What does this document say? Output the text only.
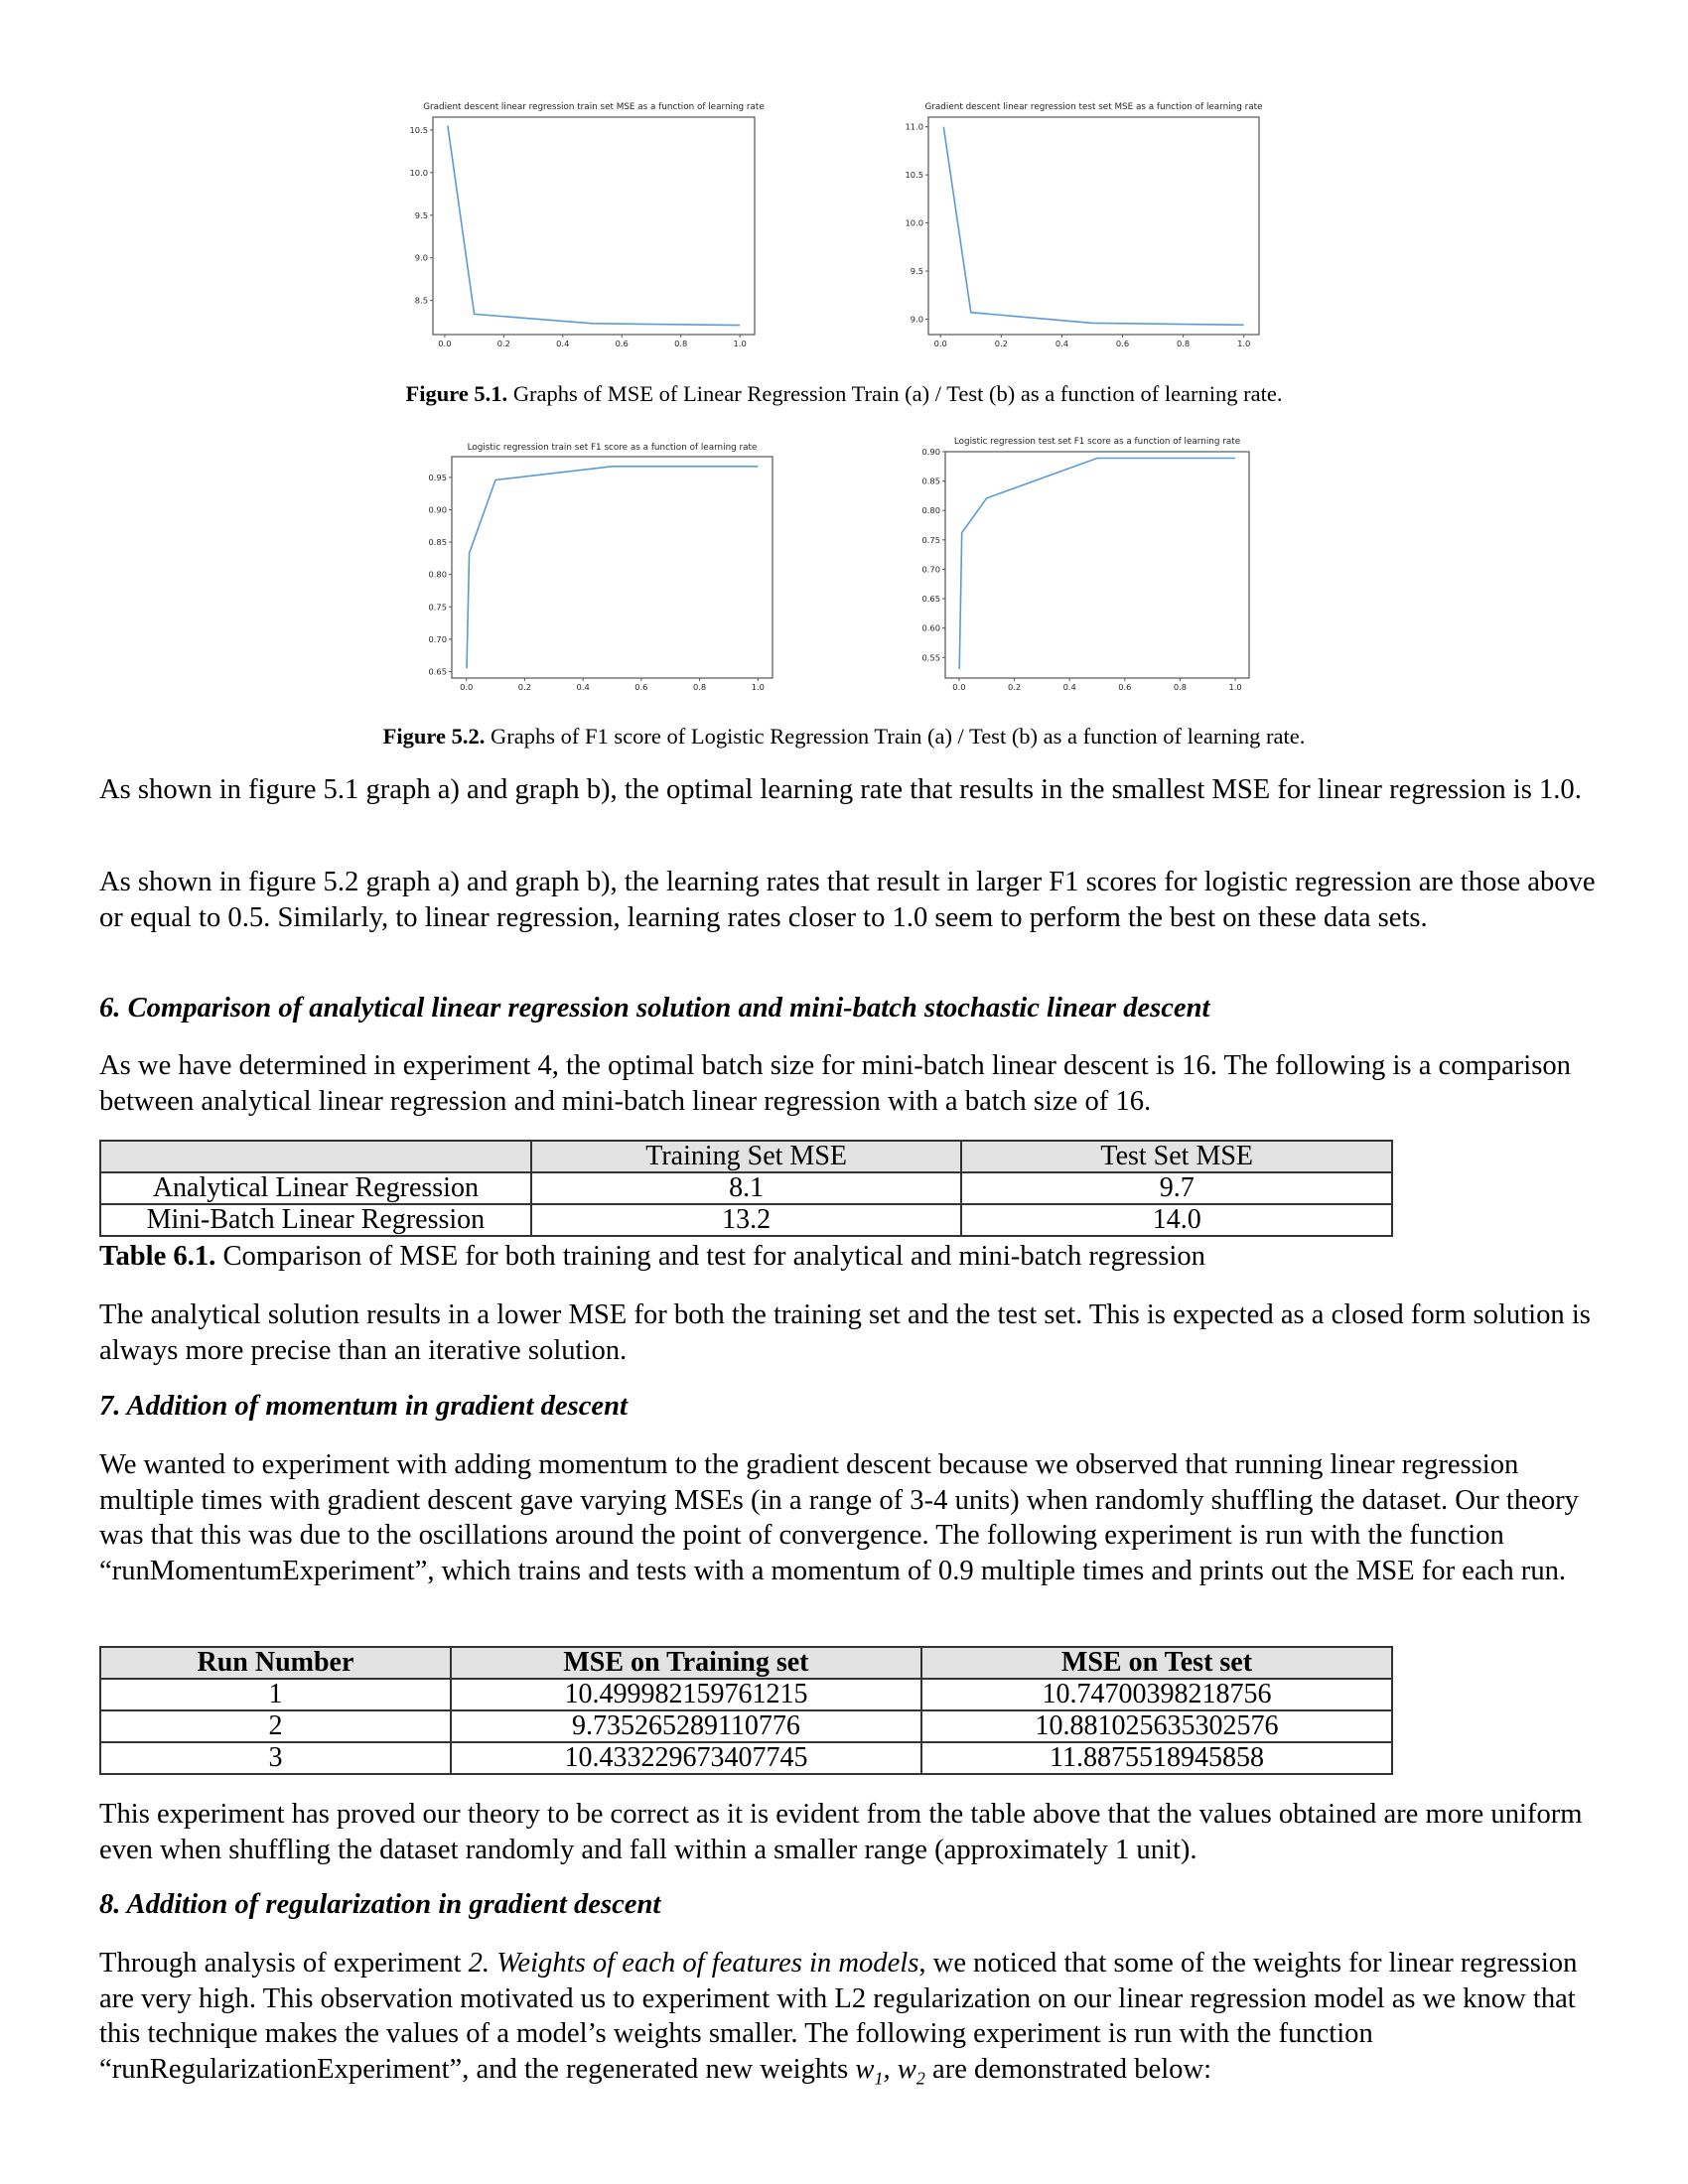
Gradient descent linear regression train set MSE as a function of learning rate
0.0	0.2	0.4	0.6	0.8	1.0
8.5
9.0
9.5
10.0
10.5
Gradient descent linear regression test set MSE as a function of learning rate
0.0	0.2	0.4	0.6	0.8	1.0
9.0
9.5
10.0
10.5
11.0
Figure 5.1. Graphs of MSE of Linear Regression Train (a) / Test (b) as a function of learning rate.
Logistic regression train set F1 score as a function of learning rate
0.0	0.2	0.4	0.6	0.8	1.0
0.65
0.70
0.75
0.80
0.85
0.90
0.95
Logistic regression test set F1 score as a function of learning rate
0.0	0.2	0.4	0.6	0.8	1.0
0.55
0.60
0.65
0.70
0.75
0.80
0.85
0.90
Figure 5.2. Graphs of F1 score of Logistic Regression Train (a) / Test (b) as a function of learning rate.
As shown in figure 5.1 graph a) and graph b), the optimal learning rate that results in the smallest MSE for linear regression is 1.0.
As shown in figure 5.2 graph a) and graph b), the learning rates that result in larger F1 scores for logistic regression are those above or equal to 0.5. Similarly, to linear regression, learning rates closer to 1.0 seem to perform the best on these data sets.
6. Comparison of analytical linear regression solution and mini-batch stochastic linear descent
As we have determined in experiment 4, the optimal batch size for mini-batch linear descent is 16. The following is a comparison between analytical linear regression and mini-batch linear regression with a batch size of 16.
	Training Set MSE	Test Set MSE
Analytical Linear Regression	8.1	9.7
Mini-Batch Linear Regression	13.2	14.0
Table 6.1. Comparison of MSE for both training and test for analytical and mini-batch regression
The analytical solution results in a lower MSE for both the training set and the test set. This is expected as a closed form solution is always more precise than an iterative solution.
7. Addition of momentum in gradient descent
We wanted to experiment with adding momentum to the gradient descent because we observed that running linear regression multiple times with gradient descent gave varying MSEs (in a range of 3-4 units) when randomly shuffling the dataset. Our theory was that this was due to the oscillations around the point of convergence. The following experiment is run with the function “runMomentumExperiment”, which trains and tests with a momentum of 0.9 multiple times and prints out the MSE for each run.
Run Number	MSE on Training set	MSE on Test set
1	10.499982159761215	10.74700398218756
2	9.735265289110776	10.881025635302576
3	10.433229673407745	11.8875518945858
This experiment has proved our theory to be correct as it is evident from the table above that the values obtained are more uniform even when shuffling the dataset randomly and fall within a smaller range (approximately 1 unit).
8. Addition of regularization in gradient descent
Through analysis of experiment 2. Weights of each of features in models, we noticed that some of the weights for linear regression are very high. This observation motivated us to experiment with L2 regularization on our linear regression model as we know that this technique makes the values of a model’s weights smaller. The following experiment is run with the function “runRegularizationExperiment”, and the regenerated new weights $w_1$, $w_2$ are demonstrated below:
